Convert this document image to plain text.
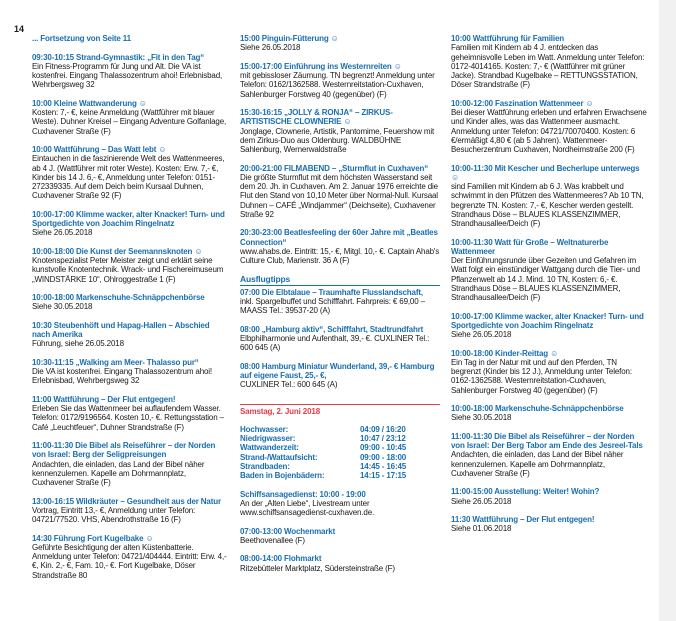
14
... Fortsetzung von Seite 11
09:30-10:15 Strand-Gymnastik: „Fit in den Tag“
Ein Fitness-Programm für Jung und Alt. Die VA ist kostenfrei. Eingang Thalassozentrum ahoi! Erlebnisbad, Wehrbergsweg 32
10:00 Kleine Wattwanderung ☺
Kosten: 7,- €, keine Anmeldung (Wattführer mit blauer Weste). Duhner Kreisel – Eingang Adventure Golfanlage, Cuxhavener Straße (F)
10:00 Wattführung – Das Watt lebt ☺
Eintauchen in die faszinierende Welt des Wattenmeeres, ab 4 J. (Wattführer mit roter Weste). Kosten: Erw. 7,- €, Kinder bis 14 J. 6,- €, Anmeldung unter Telefon: 0151-272339335. Auf dem Deich beim Kursaal Duhnen, Cuxhavener Straße 92 (F)
10:00-17:00 Klimme wacker, alter Knacker! Turn- und Sportgedichte von Joachim Ringelnatz
Siehe 26.05.2018
10:00-18:00 Die Kunst der Seemannsknoten ☺
Knotenspezialist Peter Meister zeigt und erklärt seine kunstvolle Knotentechnik. Wrack- und Fischereimuseum „WINDSTÄRKE 10“, Ohlroggestraße 1 (F)
10:00-18:00 Markenschuhe-Schnäppchenbörse
Siehe 30.05.2018
10:30 Steubenhöft und Hapag-Hallen – Abschied nach Amerika
Führung, siehe 26.05.2018
10:30-11:15 „Walking am Meer- Thalasso pur“
Die VA ist kostenfrei. Eingang Thalassozentrum ahoi! Erlebnisbad, Wehrbergsweg 32
11:00 Wattführung – Der Flut entgegen!
Erleben Sie das Wattenmeer bei auflaufendem Wasser. Telefon: 0172/9196564. Kosten 10,- €. Rettungsstation – Café „Leuchtfeuer“, Duhner Strandstraße (F)
11:00-11:30 Die Bibel als Reiseführer – der Norden von Israel: Berg der Seligpreisungen
Andachten, die einladen, das Land der Bibel näher kennenzulernen. Kapelle am Dohrmannplatz, Cuxhavener Straße (F)
13:00-16:15 Wildkräuter – Gesundheit aus der Natur
Vortrag, Eintritt 13,- €, Anmeldung unter Telefon: 04721/77520. VHS, Abendrothstraße 16 (F)
14:30 Führung Fort Kugelbake ☺
Geführte Besichtigung der alten Küstenbatterie. Anmeldung unter Telefon: 04721/404444. Eintritt: Erw. 4,- €, Kin. 2,- €, Fam. 10,- €. Fort Kugelbake, Döser Strandstraße 80
15:00 Pinguin-Fütterung ☺
Siehe 26.05.2018
15:00-17:00 Einführung ins Westernreiten ☺
mit gebissloser Zäumung. TN begrenzt! Anmeldung unter Telefon: 0162/1362588. Westernreitstation-Cuxhaven, Sahlenburger Forstweg 40 (gegenüber) (F)
15:30-16:15 „JOLLY & RONJA“ – ZIRKUS-ARTISTISCHE CLOWNERIE ☺
Jonglage, Clownerie, Artistik, Pantomime, Feuershow mit dem Zirkus-Duo aus Oldenburg. WALDBÜHNE Sahlenburg, Wernerwaldstraße
20:00-21:00 FILMABEND – „Sturmflut in Cuxhaven“
Die größte Sturmflut mit dem höchsten Wasserstand seit dem 20. Jh. in Cuxhaven. Am 2. Januar 1976 erreichte die Flut den Stand von 10,10 Meter über Normal-Null. Kursaal Duhnen – CAFÉ „Windjammer“ (Deichseite), Cuxhavener Straße 92
20:30-23:00 Beatlesfeeling der 60er Jahre mit „Beatles Connection“
www.ahabs.de. Eintritt: 15,- €, Mitgl. 10,- €. Captain Ahab's Culture Club, Marienstr. 36 A (F)
Ausflugtipps
07:00 Die Elbtalaue – Traumhafte Flusslandschaft,
inkl. Spargelbuffet und Schifffahrt. Fahrpreis: € 69,00 – MAASS Tel.: 39537-20 (A)
08:00 „Hamburg aktiv“, Schifffahrt, Stadtrundfahrt
Elbphilharmonie und Aufenthalt, 39,- €. CUXLINER Tel.: 600 645 (A)
08:00 Hamburg Miniatur Wunderland, 39,- € Hamburg auf eigene Faust, 25,- €,
CUXLINER Tel.: 600 645 (A)
Samstag, 2. Juni 2018
Hochwasser:	04:09 / 16:20
Niedrigwasser:	10:47 / 23:12
Wattwanderzeit:	09:00 - 10:45
Strand-/Wattaufsicht:	09:00 - 18:00
Strandbaden:	14:45 - 16:45
Baden in Bojenbädern:	14:15 - 17:15
Schiffsansagedienst: 10:00 - 19:00
An der „Alten Liebe“, Livestream unter www.schiffsansagedienst-cuxhaven.de.
07:00-13:00 Wochenmarkt
Beethovenallee (F)
08:00-14:00 Flohmarkt
Ritzebütteler Marktplatz, Südersteinstraße (F)
10:00 Wattführung für Familien
Familien mit Kindern ab 4 J. entdecken das geheimnisvolle Leben im Watt. Anmeldung unter Telefon: 0172-4014165. Kosten: 7,- € (Wattführer mit grüner Jacke). Strandbad Kugelbake – RETTUNGSSTATION, Döser Strandstraße (F)
10:00-12:00 Faszination Wattenmeer ☺
Bei dieser Wattführung erleben und erfahren Erwachsene und Kinder alles, was das Wattenmeer ausmacht. Anmeldung unter Telefon: 04721/70070400. Kosten: 6 €/ermäßigt 4,80 € (ab 5 Jahren). Wattenmeer-Besucherzentrum Cuxhaven, Nordheimstraße 200 (F)
10:00-11:30 Mit Kescher und Becherlupe unterwegs ☺
sind Familien mit Kindern ab 6 J. Was krabbelt und schwimmt in den Pfützen des Wattenmeeres? Ab 10 TN, begrenzte TN. Kosten: 7,- €, Kescher werden gestellt. Strandhaus Döse – BLAUES KLASSENZIMMER, Strandhausallee/Deich (F)
10:00-11:30 Watt für Große – Weltnaturerbe Wattenmeer
Der Einführungsrunde über Gezeiten und Gefahren im Watt folgt ein einstündiger Wattgang durch die Tier- und Pflanzenwelt ab 14 J. Mind. 10 TN, Kosten: 6,- €. Strandhaus Döse – BLAUES KLASSENZIMMER, Strandhausallee/Deich (F)
10:00-17:00 Klimme wacker, alter Knacker! Turn- und Sportgedichte von Joachim Ringelnatz
Siehe 26.05.2018
10:00-18:00 Kinder-Reittag ☺
Ein Tag in der Natur mit und auf den Pferden, TN begrenzt (Kinder bis 12 J.), Anmeldung unter Telefon: 0162-1362588. Westernreitstation-Cuxhaven, Sahlenburger Forstweg 40 (gegenüber) (F)
10:00-18:00 Markenschuhe-Schnäppchenbörse
Siehe 30.05.2018
11:00-11:30 Die Bibel als Reiseführer – der Norden von Israel: Der Berg Tabor am Ende des Jesreel-Tals
Andachten, die einladen, das Land der Bibel näher kennenzulernen. Kapelle am Dohrmannplatz, Cuxhavener Straße (F)
11:00-15:00 Ausstellung: Weiter! Wohin?
Siehe 26.05.2018
11:30 Wattführung – Der Flut entgegen!
Siehe 01.06.2018
